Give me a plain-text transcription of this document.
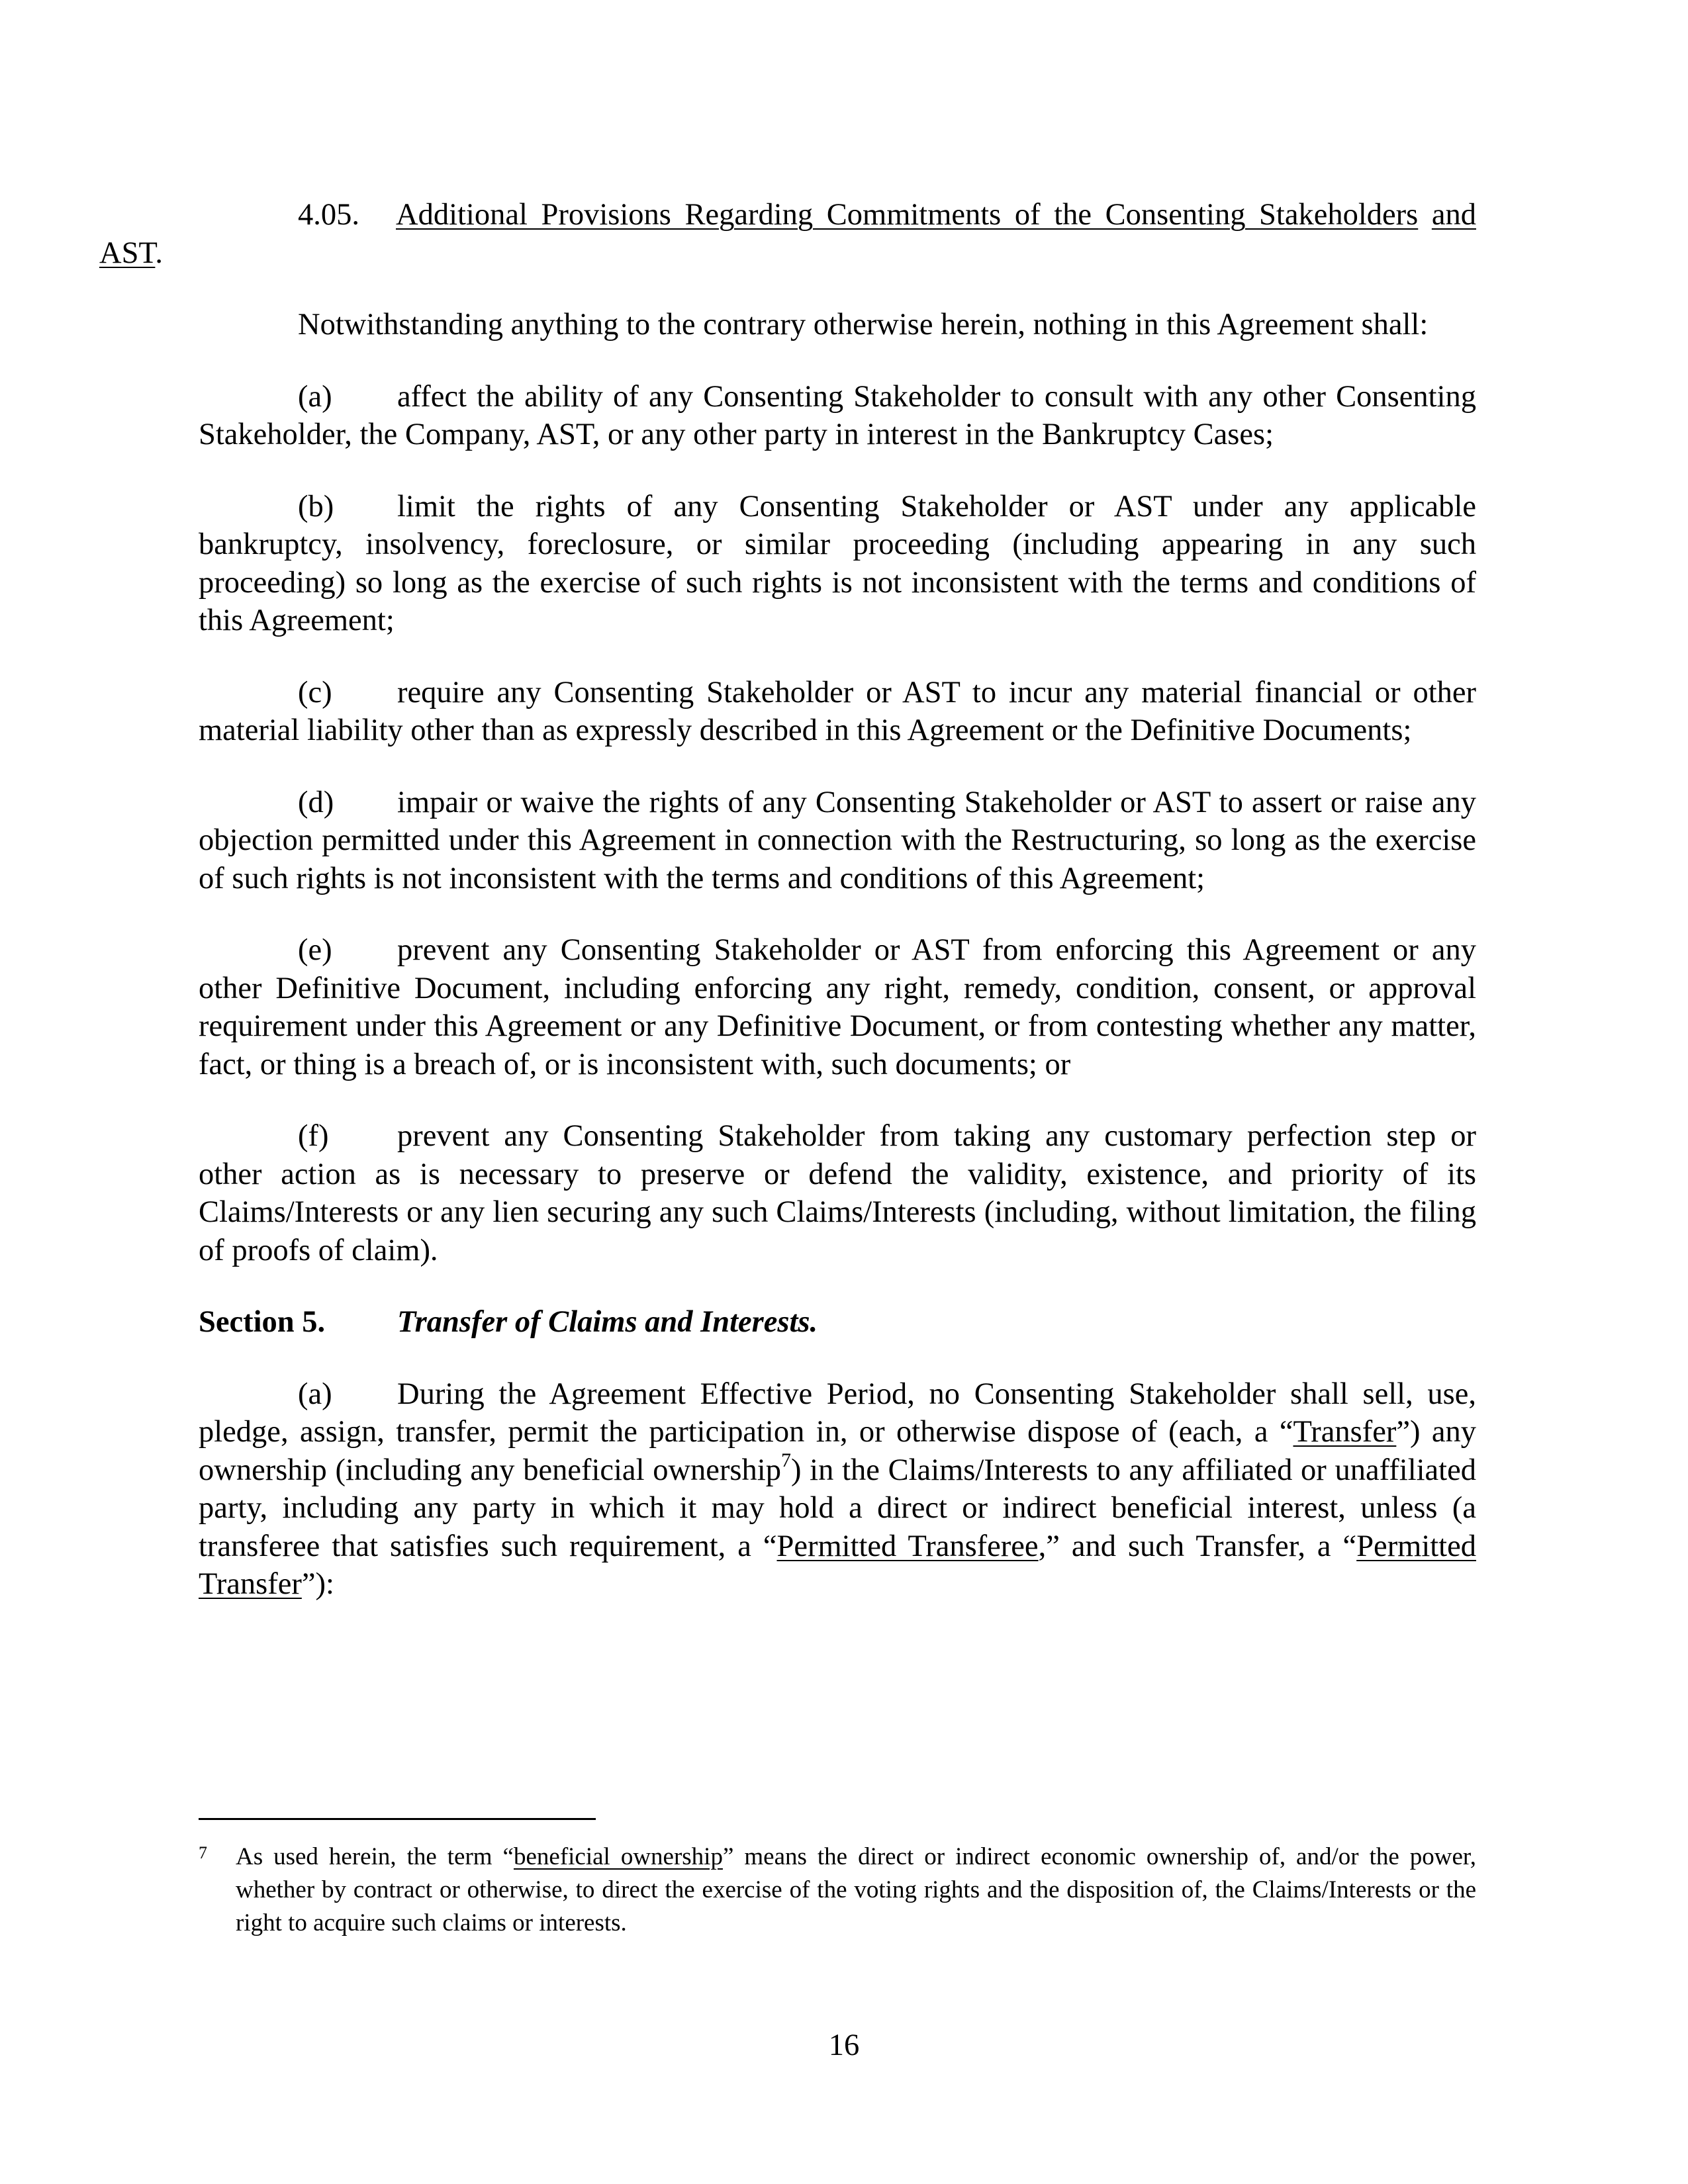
4.05. Additional Provisions Regarding Commitments of the Consenting Stakeholders and AST.

Notwithstanding anything to the contrary otherwise herein, nothing in this Agreement shall:

(a) affect the ability of any Consenting Stakeholder to consult with any other Consenting Stakeholder, the Company, AST, or any other party in interest in the Bankruptcy Cases;

(b) limit the rights of any Consenting Stakeholder or AST under any applicable bankruptcy, insolvency, foreclosure, or similar proceeding (including appearing in any such proceeding) so long as the exercise of such rights is not inconsistent with the terms and conditions of this Agreement;

(c) require any Consenting Stakeholder or AST to incur any material financial or other material liability other than as expressly described in this Agreement or the Definitive Documents;

(d) impair or waive the rights of any Consenting Stakeholder or AST to assert or raise any objection permitted under this Agreement in connection with the Restructuring, so long as the exercise of such rights is not inconsistent with the terms and conditions of this Agreement;

(e) prevent any Consenting Stakeholder or AST from enforcing this Agreement or any other Definitive Document, including enforcing any right, remedy, condition, consent, or approval requirement under this Agreement or any Definitive Document, or from contesting whether any matter, fact, or thing is a breach of, or is inconsistent with, such documents; or

(f) prevent any Consenting Stakeholder from taking any customary perfection step or other action as is necessary to preserve or defend the validity, existence, and priority of its Claims/Interests or any lien securing any such Claims/Interests (including, without limitation, the filing of proofs of claim).

Section 5. Transfer of Claims and Interests.

(a) During the Agreement Effective Period, no Consenting Stakeholder shall sell, use, pledge, assign, transfer, permit the participation in, or otherwise dispose of (each, a “Transfer”) any ownership (including any beneficial ownership$^7$) in the Claims/Interests to any affiliated or unaffiliated party, including any party in which it may hold a direct or indirect beneficial interest, unless (a transferee that satisfies such requirement, a “Permitted Transferee,” and such Transfer, a “Permitted Transfer”):

7 As used herein, the term “beneficial ownership” means the direct or indirect economic ownership of, and/or the power, whether by contract or otherwise, to direct the exercise of the voting rights and the disposition of, the Claims/Interests or the right to acquire such claims or interests.
16
